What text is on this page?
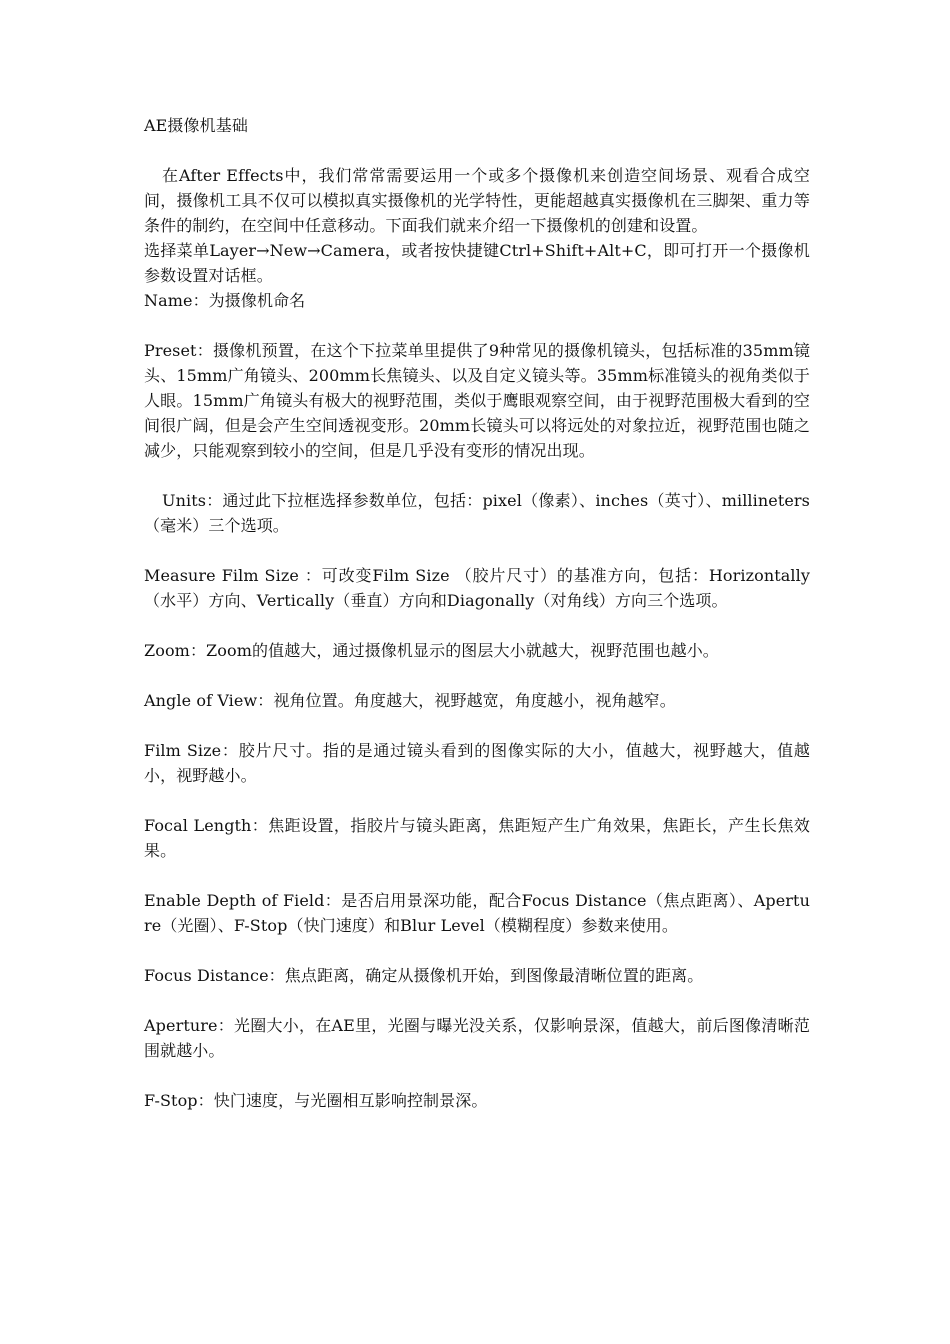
AE摄像机基础

在After Effects中，我们常常需要运用一个或多个摄像机来创造空间场景、观看合成空间，摄像机工具不仅可以模拟真实摄像机的光学特性，更能超越真实摄像机在三脚架、重力等条件的制约，在空间中任意移动。下面我们就来介绍一下摄像机的创建和设置。

选择菜单Layer→New→Camera，或者按快捷键Ctrl+Shift+Alt+C，即可打开一个摄像机参数设置对话框。

Name：为摄像机命名

Preset：摄像机预置，在这个下拉菜单里提供了9种常见的摄像机镜头，包括标准的35mm镜头、15mm广角镜头、200mm长焦镜头、以及自定义镜头等。35mm标准镜头的视角类似于人眼。15mm广角镜头有极大的视野范围，类似于鹰眼观察空间，由于视野范围极大看到的空间很广阔，但是会产生空间透视变形。20mm长镜头可以将远处的对象拉近，视野范围也随之减少，只能观察到较小的空间，但是几乎没有变形的情况出现。

Units：通过此下拉框选择参数单位，包括：pixel（像素）、inches（英寸）、millineters （毫米）三个选项。

Measure Film Size ：可改变Film Size （胶片尺寸）的基准方向，包括：Horizontally （水平）方向、Vertically（垂直）方向和Diagonally（对角线）方向三个选项。

Zoom：Zoom的值越大，通过摄像机显示的图层大小就越大，视野范围也越小。

Angle of View：视角位置。角度越大，视野越宽，角度越小，视角越窄。

Film Size：胶片尺寸。指的是通过镜头看到的图像实际的大小，值越大，视野越大，值越小，视野越小。

Focal Length：焦距设置，指胶片与镜头距离，焦距短产生广角效果，焦距长，产生长焦效果。

Enable Depth of Field：是否启用景深功能，配合Focus Distance（焦点距离）、Aperture（光圈）、F-Stop（快门速度）和Blur Level（模糊程度）参数来使用。

Focus Distance：焦点距离，确定从摄像机开始，到图像最清晰位置的距离。

Aperture：光圈大小，在AE里，光圈与曝光没关系，仅影响景深，值越大，前后图像清晰范围就越小。

F-Stop：快门速度，与光圈相互影响控制景深。
